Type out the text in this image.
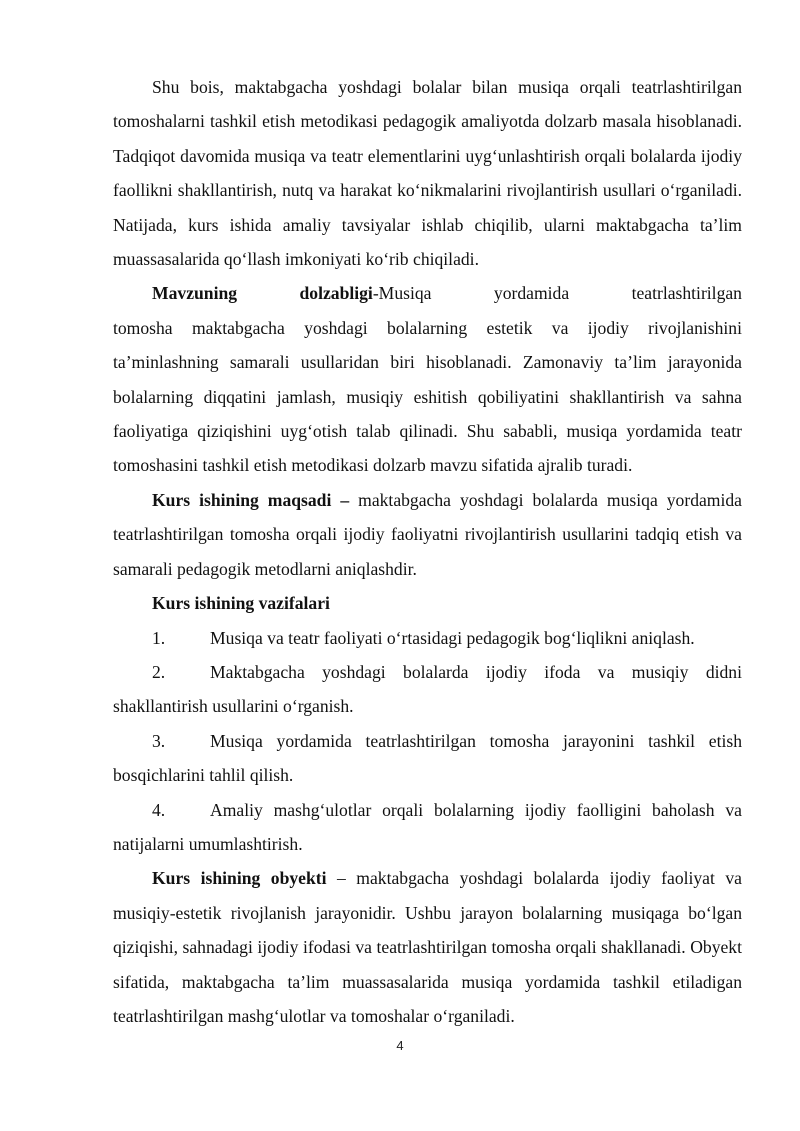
Shu bois, maktabgacha yoshdagi bolalar bilan musiqa orqali teatrlashtirilgan tomoshalarni tashkil etish metodikasi pedagogik amaliyotda dolzarb masala hisoblanadi. Tadqiqot davomida musiqa va teatr elementlarini uyg‘unlashtirish orqali bolalarda ijodiy faollikni shakllantirish, nutq va harakat ko‘nikmalarini rivojlantirish usullari o‘rganiladi. Natijada, kurs ishida amaliy tavsiyalar ishlab chiqilib, ularni maktabgacha ta’lim muassasalarida qo‘llash imkoniyati ko‘rib chiqiladi.

Mavzuning dolzabligi-Musiqa yordamida teatrlashtirilgan tomosha maktabgacha yoshdagi bolalarning estetik va ijodiy rivojlanishini ta’minlashning samarali usullaridan biri hisoblanadi. Zamonaviy ta’lim jarayonida bolalarning diqqatini jamlash, musiqiy eshitish qobiliyatini shakllantirish va sahna faoliyatiga qiziqishini uyg‘otish talab qilinadi. Shu sababli, musiqa yordamida teatr tomoshasini tashkil etish metodikasi dolzarb mavzu sifatida ajralib turadi.

Kurs ishining maqsadi – maktabgacha yoshdagi bolalarda musiqa yordamida teatrlashtirilgan tomosha orqali ijodiy faoliyatni rivojlantirish usullarini tadqiq etish va samarali pedagogik metodlarni aniqlashdir.

Kurs ishining vazifalari

1.	Musiqa va teatr faoliyati o‘rtasidagi pedagogik bog‘liqlikni aniqlash.

2.	Maktabgacha yoshdagi bolalarda ijodiy ifoda va musiqiy didni shakllantirish usullarini o‘rganish.

3.	Musiqa yordamida teatrlashtirilgan tomosha jarayonini tashkil etish bosqichlarini tahlil qilish.

4.	Amaliy mashg‘ulotlar orqali bolalarning ijodiy faolligini baholash va natijalarni umumlashtirish.

Kurs ishining obyekti – maktabgacha yoshdagi bolalarda ijodiy faoliyat va musiqiy-estetik rivojlanish jarayonidir. Ushbu jarayon bolalarning musiqaga bo‘lgan qiziqishi, sahnadagi ijodiy ifodasi va teatrlashtirilgan tomosha orqali shakllanadi. Obyekt sifatida, maktabgacha ta’lim muassasalarida musiqa yordamida tashkil etiladigan teatrlashtirilgan mashg‘ulotlar va tomoshalar o‘rganiladi.

4
